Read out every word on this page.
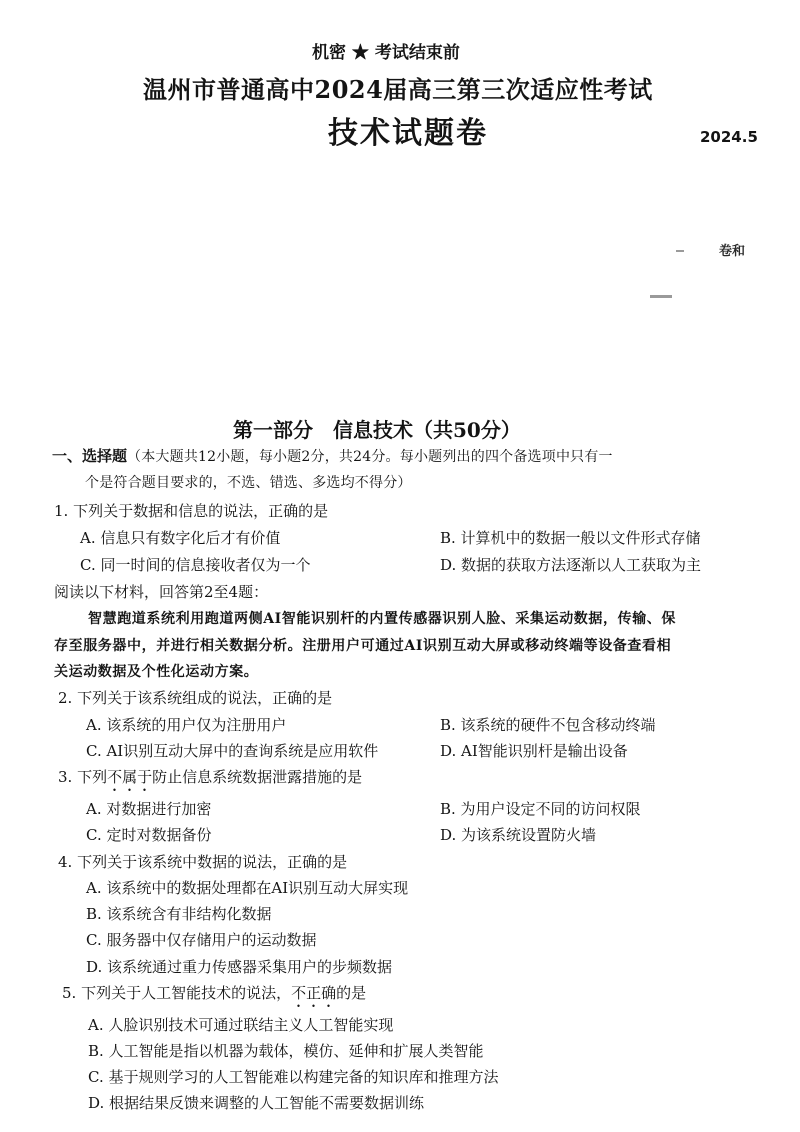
机密 ★ 考试结束前
温州市普通高中2024届高三第三次适应性考试
技术试题卷	2024.5
卷和
第一部分　信息技术（共50分）
一、选择题（本大题共12小题，每小题2分，共24分。每小题列出的四个备选项中只有一
个是符合题目要求的，不选、错选、多选均不得分）
1. 下列关于数据和信息的说法，正确的是
A. 信息只有数字化后才有价值	B. 计算机中的数据一般以文件形式存储
C. 同一时间的信息接收者仅为一个	D. 数据的获取方法逐渐以人工获取为主
阅读以下材料，回答第2至4题：
智慧跑道系统利用跑道两侧AI智能识别杆的内置传感器识别人脸、采集运动数据，传输、保
存至服务器中，并进行相关数据分析。注册用户可通过AI识别互动大屏或移动终端等设备查看相
关运动数据及个性化运动方案。
2. 下列关于该系统组成的说法，正确的是
A. 该系统的用户仅为注册用户	B. 该系统的硬件不包含移动终端
C. AI识别互动大屏中的查询系统是应用软件	D. AI智能识别杆是输出设备
3. 下列不属于防止信息系统数据泄露措施的是
A. 对数据进行加密	B. 为用户设定不同的访问权限
C. 定时对数据备份	D. 为该系统设置防火墙
4. 下列关于该系统中数据的说法，正确的是
A. 该系统中的数据处理都在AI识别互动大屏实现
B. 该系统含有非结构化数据
C. 服务器中仅存储用户的运动数据
D. 该系统通过重力传感器采集用户的步频数据
5. 下列关于人工智能技术的说法，不正确的是
A. 人脸识别技术可通过联结主义人工智能实现
B. 人工智能是指以机器为载体，模仿、延伸和扩展人类智能
C. 基于规则学习的人工智能难以构建完备的知识库和推理方法
D. 根据结果反馈来调整的人工智能不需要数据训练
